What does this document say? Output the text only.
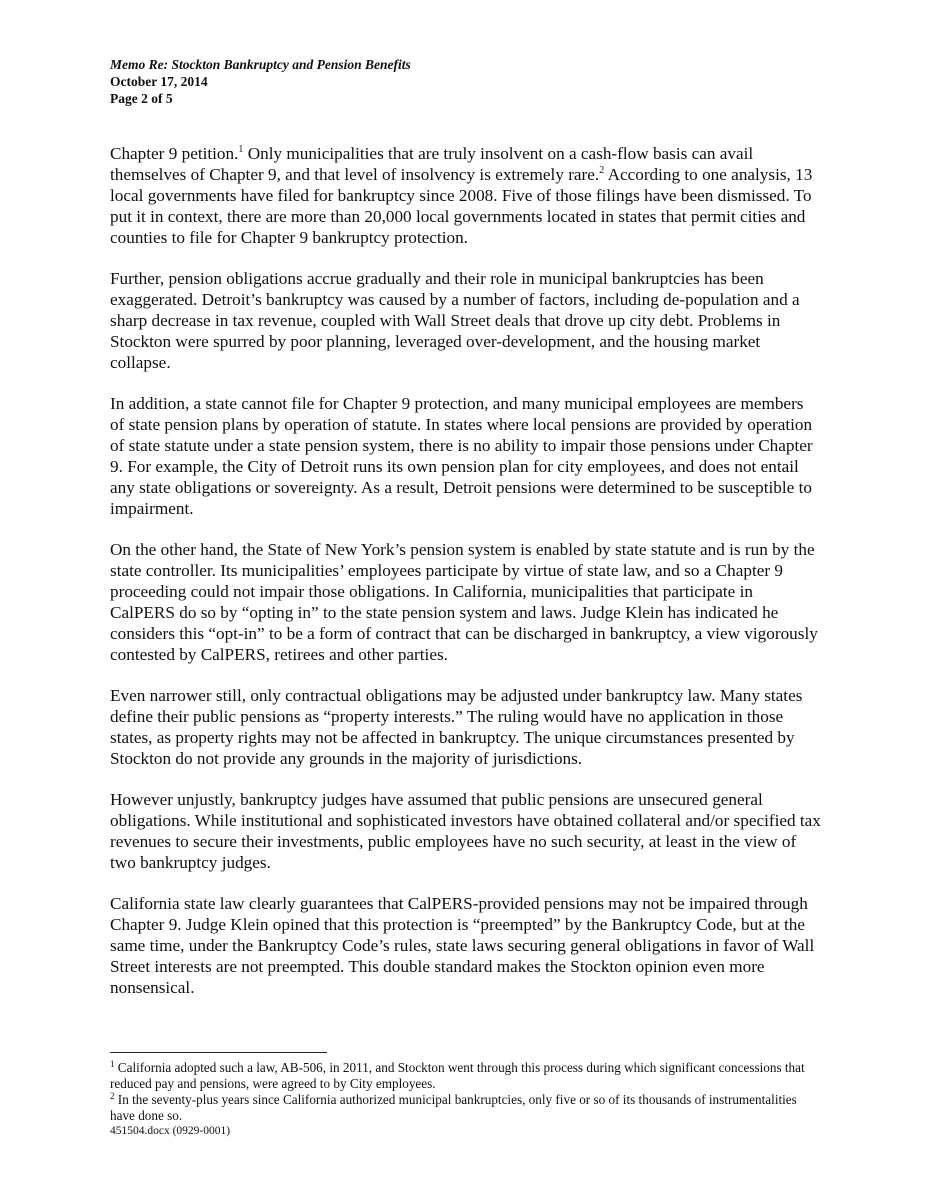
Memo Re: Stockton Bankruptcy and Pension Benefits
October 17, 2014
Page 2 of 5
Chapter 9 petition.$^1$ Only municipalities that are truly insolvent on a cash-flow basis can avail themselves of Chapter 9, and that level of insolvency is extremely rare.$^2$ According to one analysis, 13 local governments have filed for bankruptcy since 2008. Five of those filings have been dismissed. To put it in context, there are more than 20,000 local governments located in states that permit cities and counties to file for Chapter 9 bankruptcy protection.

Further, pension obligations accrue gradually and their role in municipal bankruptcies has been exaggerated. Detroit’s bankruptcy was caused by a number of factors, including de-population and a sharp decrease in tax revenue, coupled with Wall Street deals that drove up city debt. Problems in Stockton were spurred by poor planning, leveraged over-development, and the housing market collapse.

In addition, a state cannot file for Chapter 9 protection, and many municipal employees are members of state pension plans by operation of statute. In states where local pensions are provided by operation of state statute under a state pension system, there is no ability to impair those pensions under Chapter 9. For example, the City of Detroit runs its own pension plan for city employees, and does not entail any state obligations or sovereignty. As a result, Detroit pensions were determined to be susceptible to impairment.

On the other hand, the State of New York’s pension system is enabled by state statute and is run by the state controller. Its municipalities’ employees participate by virtue of state law, and so a Chapter 9 proceeding could not impair those obligations. In California, municipalities that participate in CalPERS do so by “opting in” to the state pension system and laws. Judge Klein has indicated he considers this “opt-in” to be a form of contract that can be discharged in bankruptcy, a view vigorously contested by CalPERS, retirees and other parties.

Even narrower still, only contractual obligations may be adjusted under bankruptcy law. Many states define their public pensions as “property interests.” The ruling would have no application in those states, as property rights may not be affected in bankruptcy. The unique circumstances presented by Stockton do not provide any grounds in the majority of jurisdictions.

However unjustly, bankruptcy judges have assumed that public pensions are unsecured general obligations. While institutional and sophisticated investors have obtained collateral and/or specified tax revenues to secure their investments, public employees have no such security, at least in the view of two bankruptcy judges.

California state law clearly guarantees that CalPERS-provided pensions may not be impaired through Chapter 9. Judge Klein opined that this protection is “preempted” by the Bankruptcy Code, but at the same time, under the Bankruptcy Code’s rules, state laws securing general obligations in favor of Wall Street interests are not preempted. This double standard makes the Stockton opinion even more nonsensical.

$^1$ California adopted such a law, AB-506, in 2011, and Stockton went through this process during which significant concessions that reduced pay and pensions, were agreed to by City employees.

$^2$ In the seventy-plus years since California authorized municipal bankruptcies, only five or so of its thousands of instrumentalities have done so.

451504.docx (0929-0001)
